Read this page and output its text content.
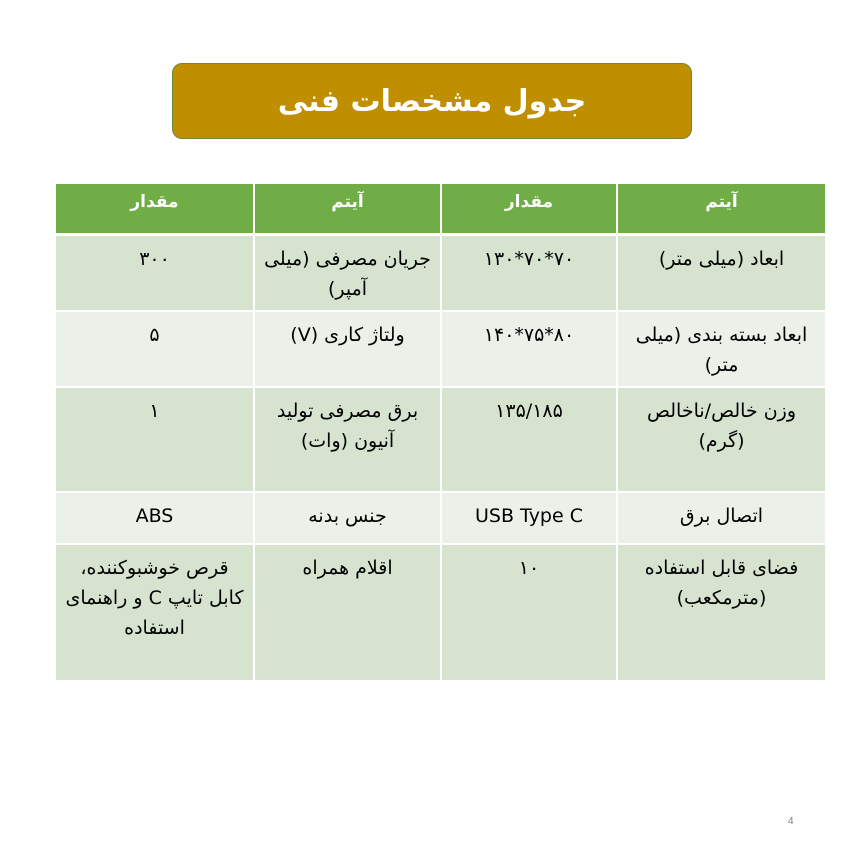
جدول مشخصات فنی
آیتم	مقدار	آیتم	مقدار
ابعاد (میلی متر)	۱۳۰*۷۰*۷۰	جریان مصرفی (میلی آمپر)	۳۰۰
ابعاد بسته بندی (میلی متر)	۱۴۰*۷۵*۸۰	ولتاژ کاری (V)	۵
وزن خالص/ناخالص (گرم)	۱۳۵/۱۸۵	برق مصرفی تولید آنیون (وات)	۱
اتصال برق	USB Type C	جنس بدنه	ABS
فضای قابل استفاده (مترمکعب)	۱۰	اقلام همراه	قرص خوشبوکننده، کابل تایپ C و راهنمای استفاده
4
